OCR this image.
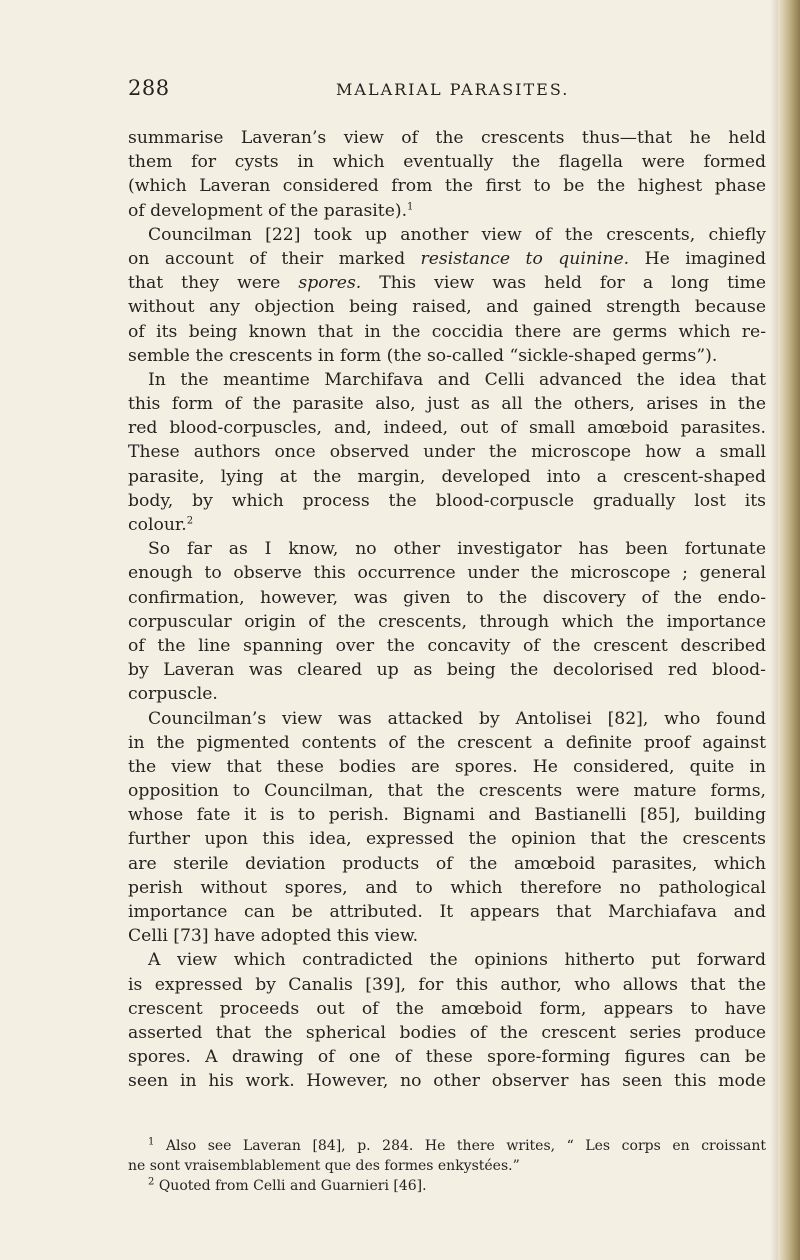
288	MALARIAL PARASITES.
summarise Laveran’s view of the crescents thus—that he held
them for cysts in which eventually the flagella were formed
(which Laveran considered from the first to be the highest phase
of development of the parasite).$^1$
Councilman [22] took up another view of the crescents, chiefly
on account of their marked resistance to quinine. He imagined
that they were spores. This view was held for a long time
without any objection being raised, and gained strength because
of its being known that in the coccidia there are germs which re-
semble the crescents in form (the so-called “sickle-shaped germs”).
In the meantime Marchifava and Celli advanced the idea that
this form of the parasite also, just as all the others, arises in the
red blood-corpuscles, and, indeed, out of small amœboid parasites.
These authors once observed under the microscope how a small
parasite, lying at the margin, developed into a crescent-shaped
body, by which process the blood-corpuscle gradually lost its
colour.$^2$
So far as I know, no other investigator has been fortunate
enough to observe this occurrence under the microscope ; general
confirmation, however, was given to the discovery of the endo-
corpuscular origin of the crescents, through which the importance
of the line spanning over the concavity of the crescent described
by Laveran was cleared up as being the decolorised red blood-
corpuscle.
Councilman’s view was attacked by Antolisei [82], who found
in the pigmented contents of the crescent a definite proof against
the view that these bodies are spores. He considered, quite in
opposition to Councilman, that the crescents were mature forms,
whose fate it is to perish. Bignami and Bastianelli [85], building
further upon this idea, expressed the opinion that the crescents
are sterile deviation products of the amœboid parasites, which
perish without spores, and to which therefore no pathological
importance can be attributed. It appears that Marchiafava and
Celli [73] have adopted this view.
A view which contradicted the opinions hitherto put forward
is expressed by Canalis [39], for this author, who allows that the
crescent proceeds out of the amœboid form, appears to have
asserted that the spherical bodies of the crescent series produce
spores. A drawing of one of these spore-forming figures can be
seen in his work. However, no other observer has seen this mode
$^1$ Also see Laveran [84], p. 284. He there writes, “ Les corps en croissant
ne sont vraisemblablement que des formes enkystées.”
$^2$ Quoted from Celli and Guarnieri [46].
